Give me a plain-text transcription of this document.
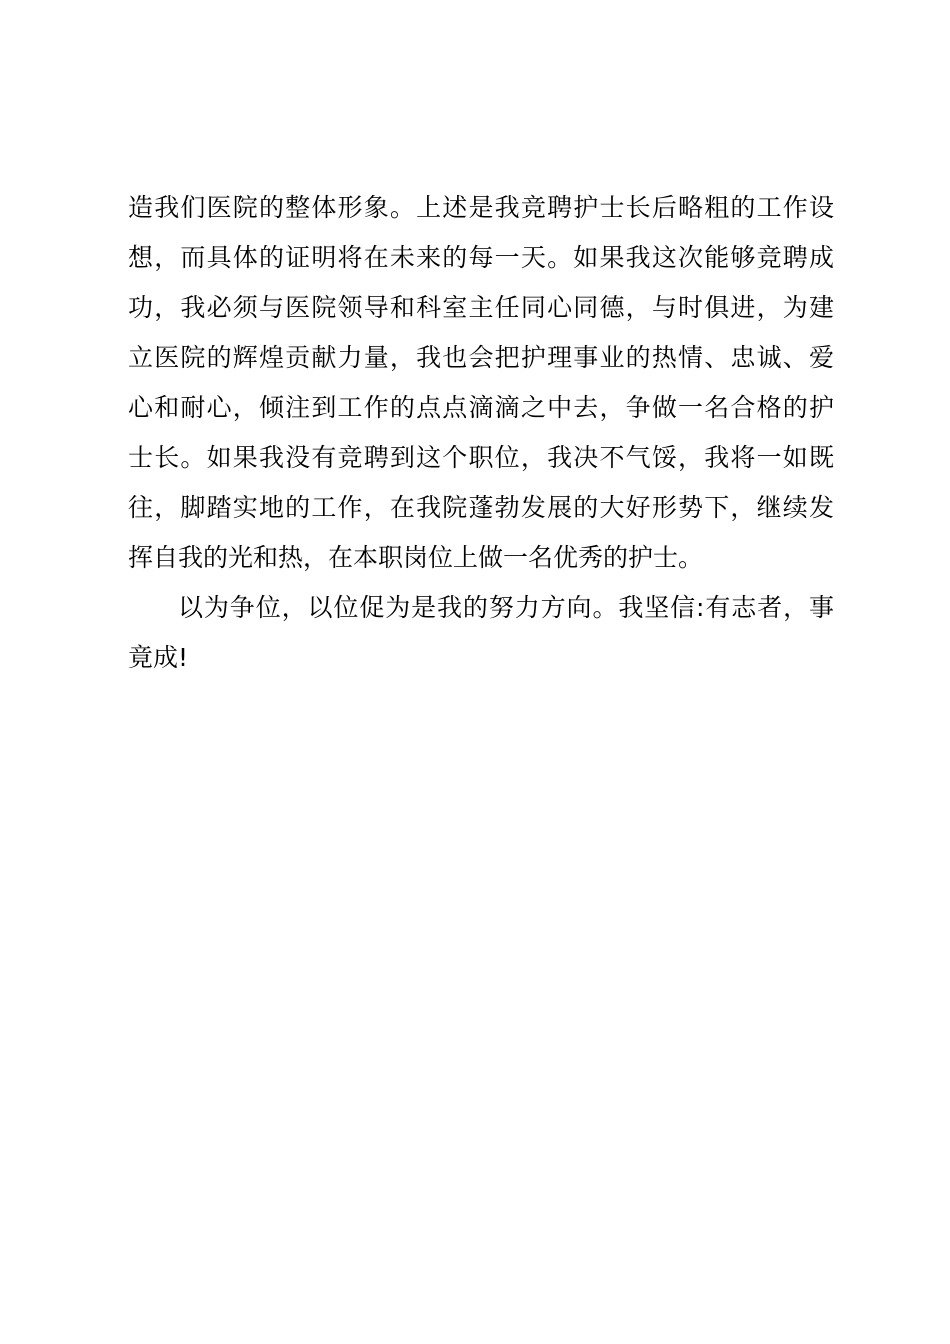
造我们医院的整体形象。上述是我竞聘护士长后略粗的工作设
想，而具体的证明将在未来的每一天。如果我这次能够竞聘成
功，我必须与医院领导和科室主任同心同德，与时俱进，为建
立医院的辉煌贡献力量，我也会把护理事业的热情、忠诚、爱
心和耐心，倾注到工作的点点滴滴之中去，争做一名合格的护
士长。如果我没有竞聘到这个职位，我决不气馁，我将一如既
往，脚踏实地的工作，在我院蓬勃发展的大好形势下，继续发
挥自我的光和热，在本职岗位上做一名优秀的护士。
以为争位，以位促为是我的努力方向。我坚信:有志者，事
竟成!
